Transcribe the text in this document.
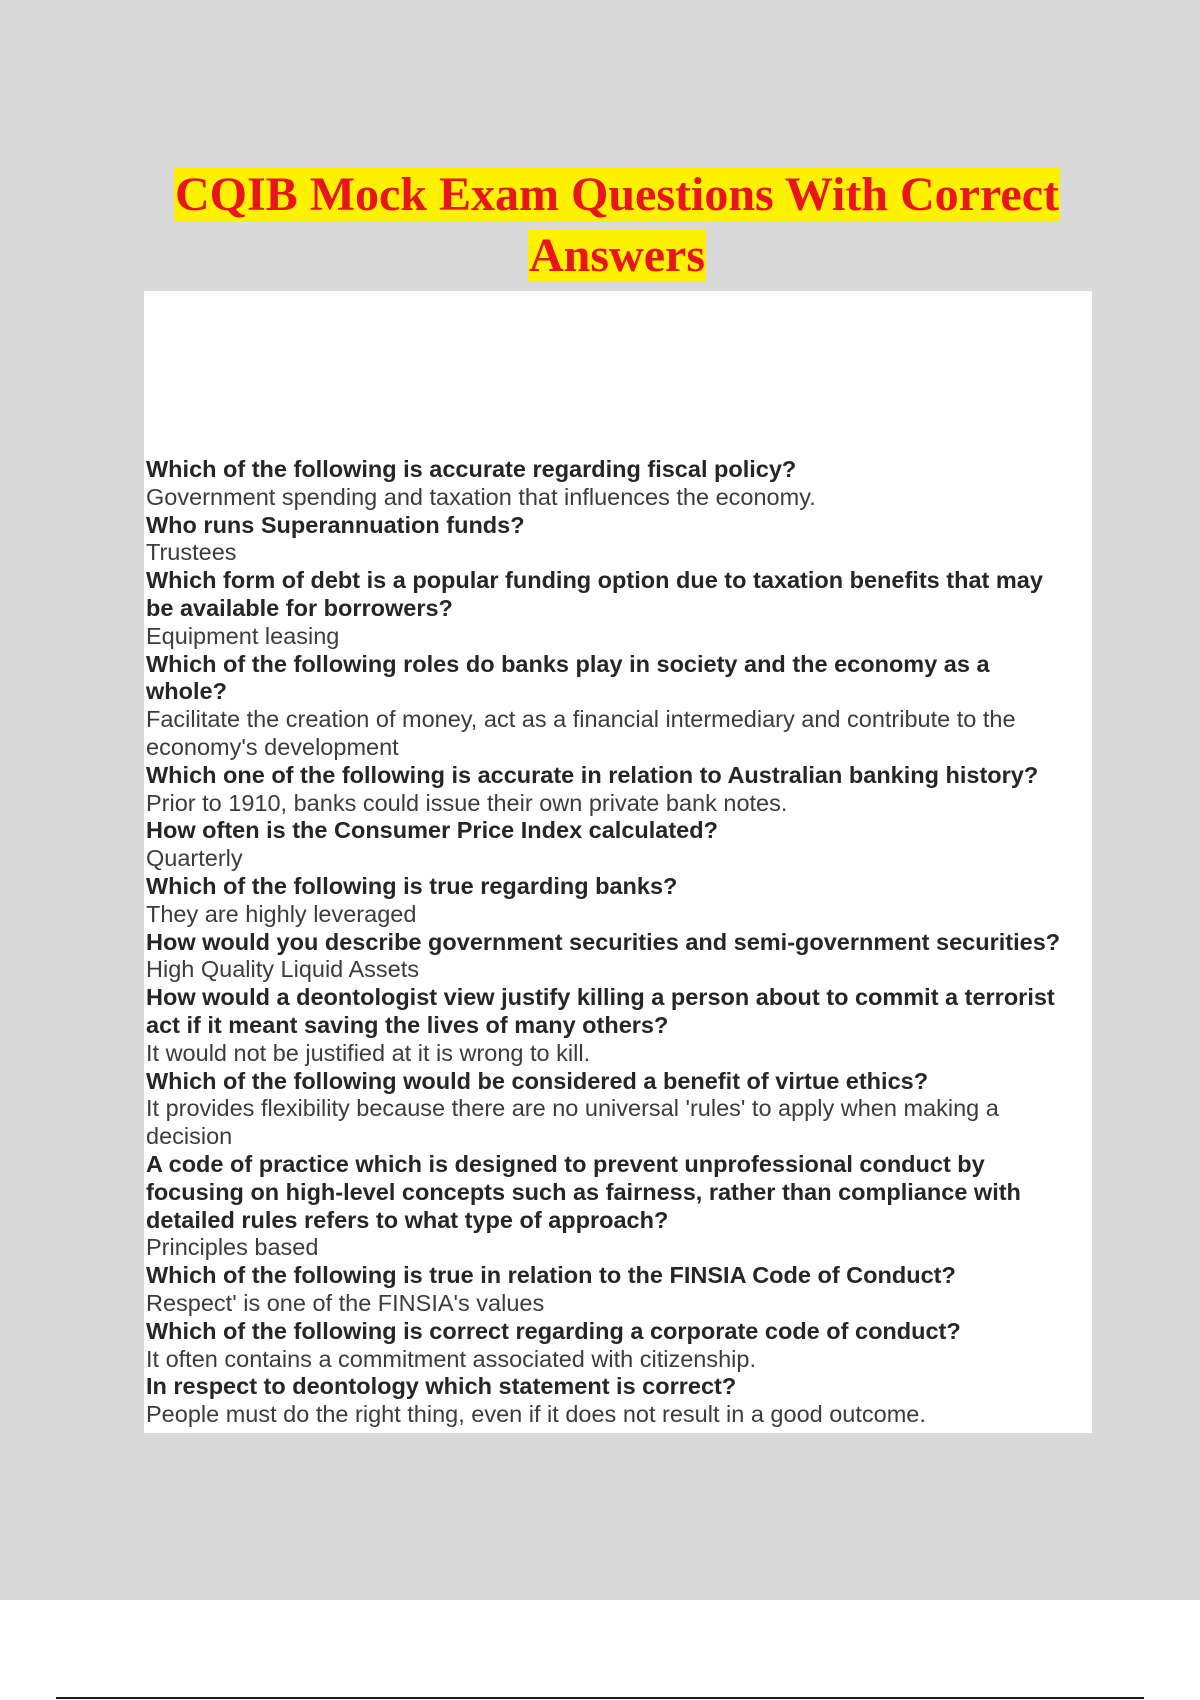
CQIB Mock Exam Questions With Correct
Answers
Which of the following is accurate regarding fiscal policy?
Government spending and taxation that influences the economy.
Who runs Superannuation funds?
Trustees
Which form of debt is a popular funding option due to taxation benefits that may
be available for borrowers?
Equipment leasing
Which of the following roles do banks play in society and the economy as a
whole?
Facilitate the creation of money, act as a financial intermediary and contribute to the
economy's development
Which one of the following is accurate in relation to Australian banking history?
Prior to 1910, banks could issue their own private bank notes.
How often is the Consumer Price Index calculated?
Quarterly
Which of the following is true regarding banks?
They are highly leveraged
How would you describe government securities and semi-government securities?
High Quality Liquid Assets
How would a deontologist view justify killing a person about to commit a terrorist
act if it meant saving the lives of many others?
It would not be justified at it is wrong to kill.
Which of the following would be considered a benefit of virtue ethics?
It provides flexibility because there are no universal 'rules' to apply when making a
decision
A code of practice which is designed to prevent unprofessional conduct by
focusing on high-level concepts such as fairness, rather than compliance with
detailed rules refers to what type of approach?
Principles based
Which of the following is true in relation to the FINSIA Code of Conduct?
Respect' is one of the FINSIA's values
Which of the following is correct regarding a corporate code of conduct?
It often contains a commitment associated with citizenship.
In respect to deontology which statement is correct?
People must do the right thing, even if it does not result in a good outcome.
